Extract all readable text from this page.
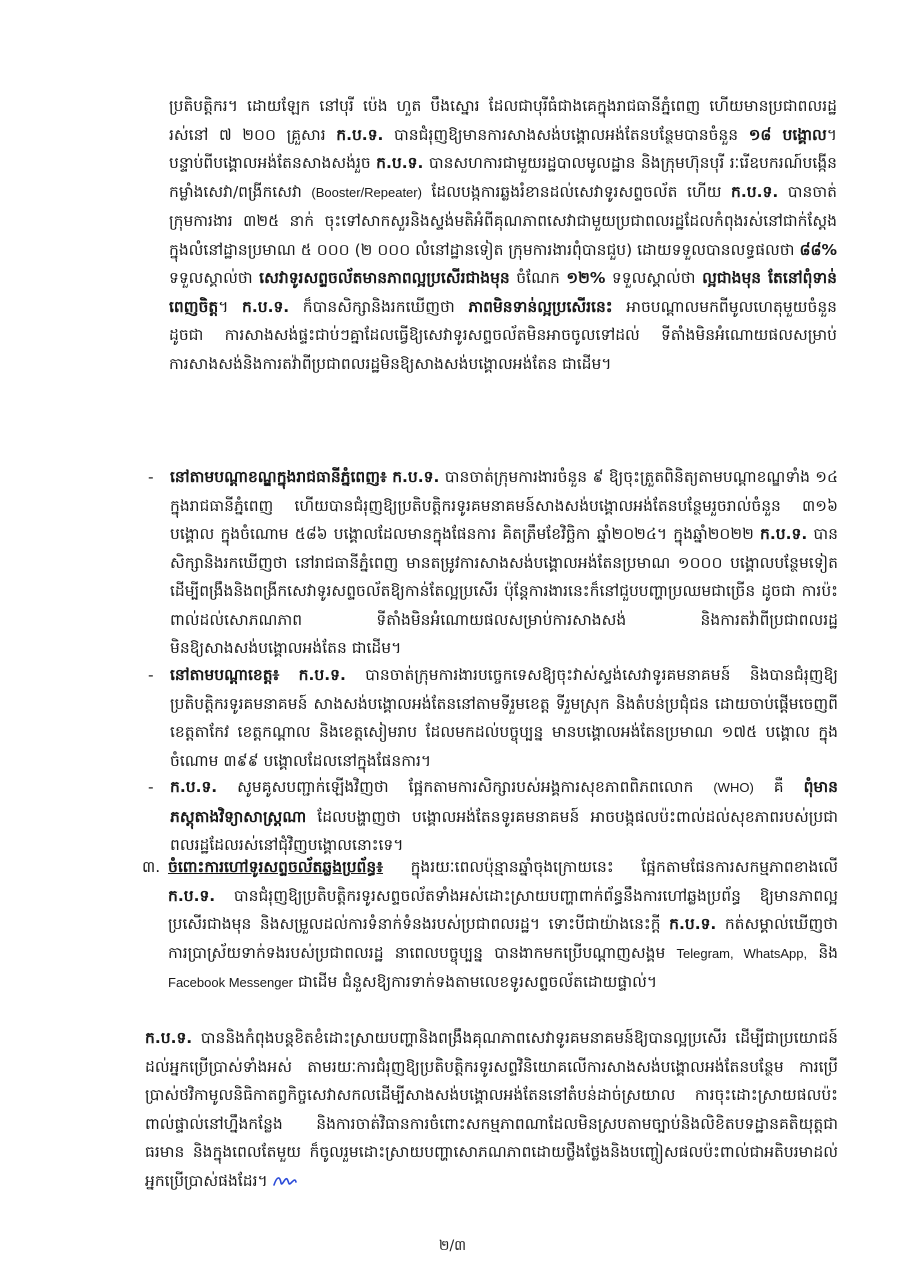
ប្រតិបត្តិករ។ ដោយឡែក នៅបុរី ប៉េង ហួត បឹងស្នោរ ដែលជាបុរីធំជាងគេក្នុងរាជធានីភ្នំពេញ ហើយមានប្រជាពលរដ្ឋរស់នៅ ៧ ២០០ គ្រួសារ ក.ប.ទ. បានជំរុញឱ្យមានការសាងសង់បង្គោលអង់តែនបន្ថែមបានចំនួន ១៨ បង្គោល។ បន្ទាប់ពីបង្គោលអង់តែនសាងសង់រួច ក.ប.ទ. បានសហការជាមួយរដ្ឋបាលមូលដ្ឋាន និងក្រុមហ៊ុនបុរី រៈរើឧបករណ៍បង្កើនកម្លាំងសេវា/ពង្រីកសេវា (Booster/Repeater) ដែលបង្កការឆ្លងរំខានដល់សេវាទូរសព្ទចល័ត ហើយ ក.ប.ទ. បានចាត់ក្រុមការងារ ៣២៥ នាក់ ចុះទៅសាកសួរនិងស្ទង់មតិអំពីគុណភាពសេវាជាមួយប្រជាពលរដ្ឋដែលកំពុងរស់នៅជាក់ស្តែងក្នុងលំនៅដ្ឋានប្រមាណ ៥ ០០០ (២ ០០០ លំនៅដ្ឋានទៀត ក្រុមការងារពុំបានជួប) ដោយទទួលបានលទ្ធផលថា ៨៨% ទទួលស្គាល់ថា សេវាទូរសព្ទចល័តមានភាពល្អប្រសើរជាងមុន ចំណែក ១២% ទទួលស្គាល់ថា ល្អជាងមុន តែនៅពុំទាន់ពេញចិត្ត។ ក.ប.ទ. ក៏បានសិក្សានិងរកឃើញថា ភាពមិនទាន់ល្អប្រសើរនេះ អាចបណ្តាលមកពីមូលហេតុមួយចំនួន ដូចជា ការសាងសង់ផ្ទះជាប់ៗគ្នាដែលធ្វើឱ្យសេវាទូរសព្ទចល័តមិនអាចចូលទៅដល់ ទីតាំងមិនអំណោយផលសម្រាប់ការសាងសង់និងការតវ៉ាពីប្រជាពលរដ្ឋមិនឱ្យសាងសង់បង្គោលអង់តែន ជាដើម។
- នៅតាមបណ្តាខណ្ឌក្នុងរាជធានីភ្នំពេញ៖ ក.ប.ទ. បានចាត់ក្រុមការងារចំនួន ៩ ឱ្យចុះត្រួតពិនិត្យតាមបណ្តាខណ្ឌទាំង ១៤ ក្នុងរាជធានីភ្នំពេញ ហើយបានជំរុញឱ្យប្រតិបត្តិករទូរគមនាគមន៍សាងសង់បង្គោលអង់តែនបន្ថែមរួចរាល់ចំនួន ៣១៦ បង្គោល ក្នុងចំណោម ៥៨៦ បង្គោលដែលមានក្នុងផែនការ គិតត្រឹមខែវិច្ឆិកា ឆ្នាំ២០២៤។ ក្នុងឆ្នាំ២០២២ ក.ប.ទ. បានសិក្សានិងរកឃើញថា នៅរាជធានីភ្នំពេញ មានតម្រូវការសាងសង់បង្គោលអង់តែនប្រមាណ ១០០០ បង្គោលបន្ថែមទៀត ដើម្បីពង្រឹងនិងពង្រីកសេវាទូរសព្ទចល័តឱ្យកាន់តែល្អប្រសើរ ប៉ុន្តែការងារនេះក៏នៅជួបបញ្ហាប្រឈមជាច្រើន ដូចជា ការប៉ះពាល់ដល់សោភណភាព ទីតាំងមិនអំណោយផលសម្រាប់ការសាងសង់ និងការតវ៉ាពីប្រជាពលរដ្ឋមិនឱ្យសាងសង់បង្គោលអង់តែន ជាដើម។
- នៅតាមបណ្តាខេត្ត៖ ក.ប.ទ. បានចាត់ក្រុមការងារបច្ចេកទេសឱ្យចុះវាស់ស្ទង់សេវាទូរគមនាគមន៍ និងបានជំរុញឱ្យប្រតិបត្តិករទូរគមនាគមន៍ សាងសង់បង្គោលអង់តែននៅតាមទីរួមខេត្ត ទីរួមស្រុក និងតំបន់ប្រជុំជន ដោយចាប់ផ្តើមចេញពីខេត្តតាកែវ ខេត្តកណ្តាល និងខេត្តសៀមរាប ដែលមកដល់បច្ចុប្បន្ន មានបង្គោលអង់តែនប្រមាណ ១៧៥ បង្គោល ក្នុងចំណោម ៣៩៩ បង្គោលដែលនៅក្នុងផែនការ។
- ក.ប.ទ. សូមគូសបញ្ជាក់ឡើងវិញថា ផ្អែកតាមការសិក្សារបស់អង្គការសុខភាពពិភពលោក (WHO) គឺ ពុំមានភស្តុតាងវិទ្យាសាស្ត្រណា ដែលបង្ហាញថា បង្គោលអង់តែនទូរគមនាគមន៍ អាចបង្កផលប៉ះពាល់ដល់សុខភាពរបស់ប្រជាពលរដ្ឋដែលរស់នៅជុំវិញបង្គោលនោះទេ។
៣. ចំពោះការហៅទូរសព្ទចល័តឆ្លងប្រព័ន្ធ៖ ក្នុងរយៈពេលប៉ុន្មានឆ្នាំចុងក្រោយនេះ ផ្អែកតាមផែនការសកម្មភាពខាងលើ ក.ប.ទ. បានជំរុញឱ្យប្រតិបត្តិករទូរសព្ទចល័តទាំងអស់ដោះស្រាយបញ្ហាពាក់ព័ន្ធនឹងការហៅឆ្លងប្រព័ន្ធ ឱ្យមានភាពល្អប្រសើរជាងមុន និងសម្រួលដល់ការទំនាក់ទំនងរបស់ប្រជាពលរដ្ឋ។ ទោះបីជាយ៉ាងនេះក្តី ក.ប.ទ. កត់សម្គាល់ឃើញថា ការប្រាស្រ័យទាក់ទងរបស់ប្រជាពលរដ្ឋ នាពេលបច្ចុប្បន្ន បានងាកមកប្រើបណ្តាញសង្គម Telegram, WhatsApp, និង Facebook Messenger ជាដើម ជំនួសឱ្យការទាក់ទងតាមលេខទូរសព្ទចល័តដោយផ្ទាល់។
ក.ប.ទ. បាននិងកំពុងបន្តខិតខំដោះស្រាយបញ្ហានិងពង្រឹងគុណភាពសេវាទូរគមនាគមន៍ឱ្យបានល្អប្រសើរ ដើម្បីជាប្រយោជន៍ដល់អ្នកប្រើប្រាស់ទាំងអស់ តាមរយៈការជំរុញឱ្យប្រតិបត្តិករទូរសព្ទវិនិយោគលើការសាងសង់បង្គោលអង់តែនបន្ថែម ការប្រើប្រាស់ថវិកាមូលនិធិកាតព្វកិច្ចសេវាសកលដើម្បីសាងសង់បង្គោលអង់តែននៅតំបន់ដាច់ស្រយាល ការចុះដោះស្រាយផលប៉ះពាល់ផ្ទាល់នៅហ្នឹងកន្លែង និងការចាត់វិធានការចំពោះសកម្មភាពណាដែលមិនស្របតាមច្បាប់និងលិខិតបទដ្ឋានគតិយុត្តជាធរមាន និងក្នុងពេលតែមួយ ក៏ចូលរួមដោះស្រាយបញ្ហាសោភណភាពដោយថ្លឹងថ្លែងនិងបញ្ចៀសផលប៉ះពាល់ជាអតិបរមាដល់អ្នកប្រើប្រាស់ផងដែរ។
២/៣
